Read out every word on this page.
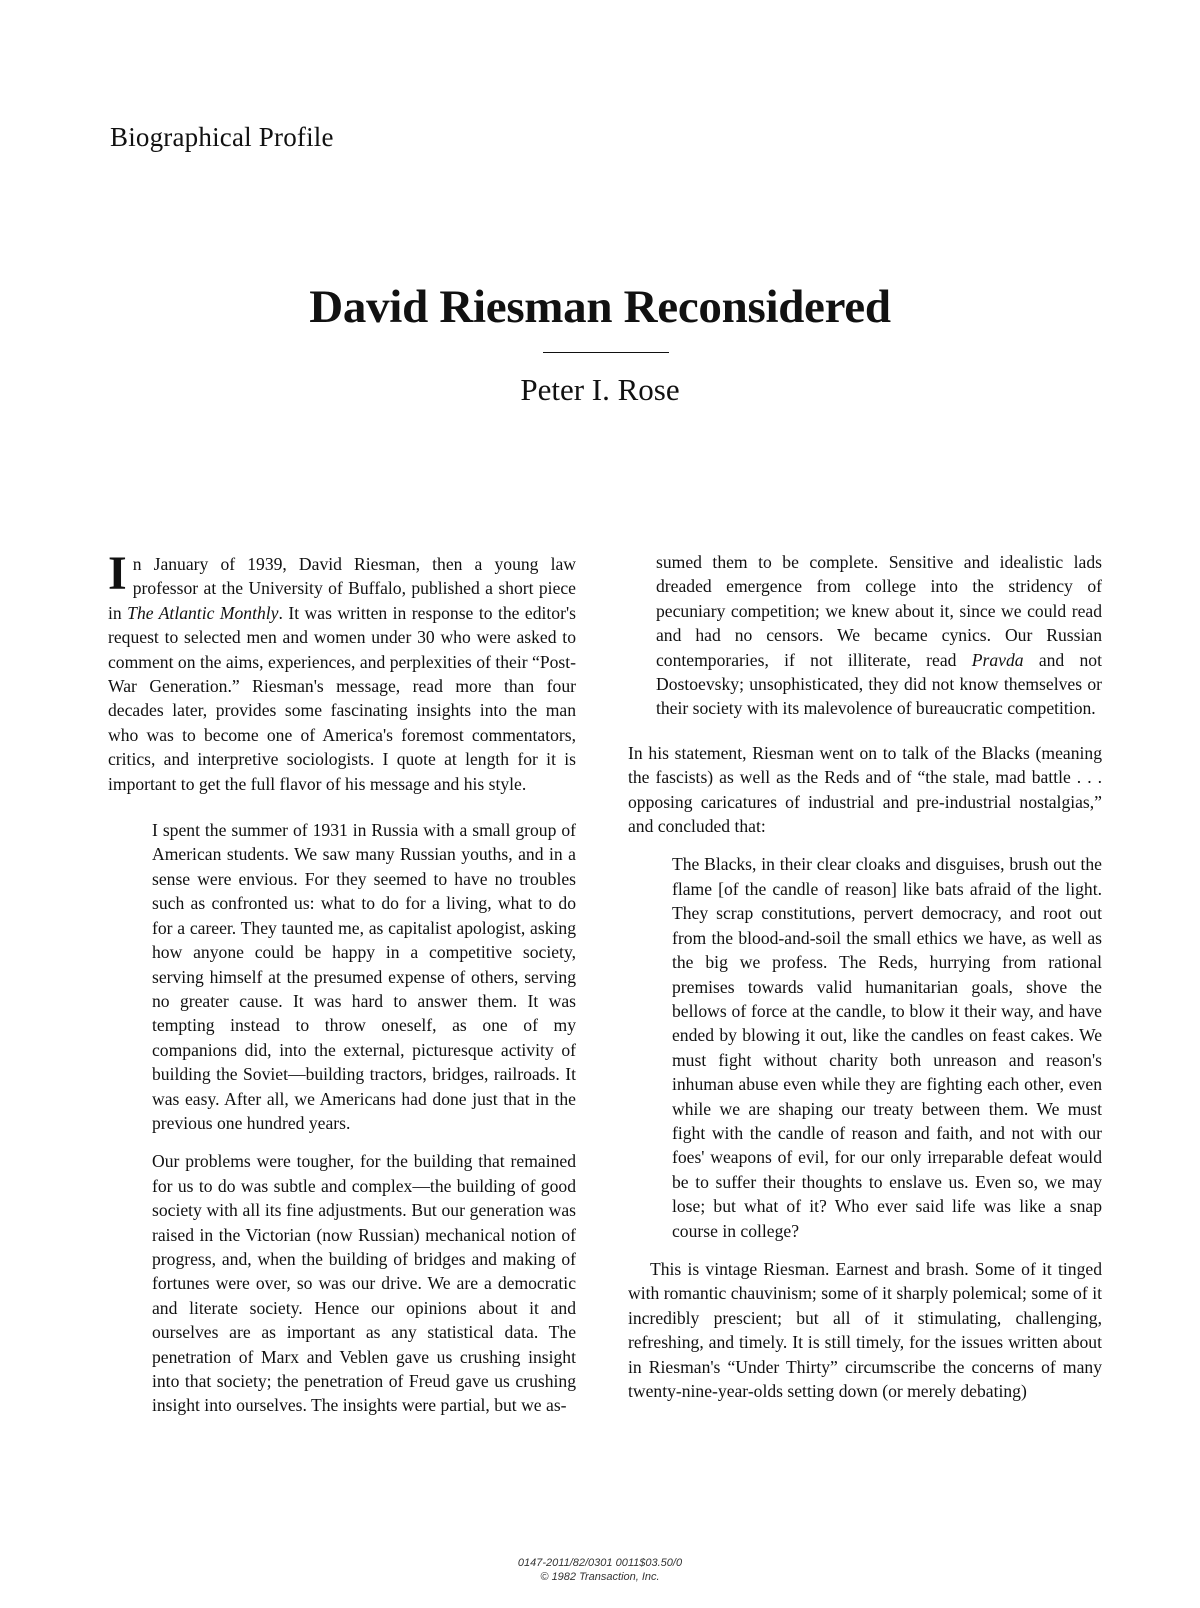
Biographical Profile
David Riesman Reconsidered
Peter I. Rose

In January of 1939, David Riesman, then a young law professor at the University of Buffalo, published a short piece in The Atlantic Monthly. It was written in response to the editor's request to selected men and women under 30 who were asked to comment on the aims, experiences, and perplexities of their “Post-War Generation.” Riesman's message, read more than four decades later, provides some fascinating insights into the man who was to become one of America's foremost commentators, critics, and interpretive sociologists. I quote at length for it is important to get the full flavor of his message and his style.

I spent the summer of 1931 in Russia with a small group of American students. We saw many Russian youths, and in a sense were envious. For they seemed to have no troubles such as confronted us: what to do for a living, what to do for a career. They taunted me, as capitalist apologist, asking how anyone could be happy in a competitive society, serving himself at the presumed expense of others, serving no greater cause. It was hard to answer them. It was tempting instead to throw oneself, as one of my companions did, into the external, picturesque activity of building the Soviet—building tractors, bridges, railroads. It was easy. After all, we Americans had done just that in the previous one hundred years.

Our problems were tougher, for the building that remained for us to do was subtle and complex—the building of good society with all its fine adjustments. But our generation was raised in the Victorian (now Russian) mechanical notion of progress, and, when the building of bridges and making of fortunes were over, so was our drive. We are a democratic and literate society. Hence our opinions about it and ourselves are as important as any statistical data. The penetration of Marx and Veblen gave us crushing insight into that society; the penetration of Freud gave us crushing insight into ourselves. The insights were partial, but we as-

sumed them to be complete. Sensitive and idealistic lads dreaded emergence from college into the stridency of pecuniary competition; we knew about it, since we could read and had no censors. We became cynics. Our Russian contemporaries, if not illiterate, read Pravda and not Dostoevsky; unsophisticated, they did not know themselves or their society with its malevolence of bureaucratic competition.

In his statement, Riesman went on to talk of the Blacks (meaning the fascists) as well as the Reds and of “the stale, mad battle . . . opposing caricatures of industrial and pre-industrial nostalgias,” and concluded that:

The Blacks, in their clear cloaks and disguises, brush out the flame [of the candle of reason] like bats afraid of the light. They scrap constitutions, pervert democracy, and root out from the blood-and-soil the small ethics we have, as well as the big we profess. The Reds, hurrying from rational premises towards valid humanitarian goals, shove the bellows of force at the candle, to blow it their way, and have ended by blowing it out, like the candles on feast cakes. We must fight without charity both unreason and reason's inhuman abuse even while they are fighting each other, even while we are shaping our treaty between them. We must fight with the candle of reason and faith, and not with our foes' weapons of evil, for our only irreparable defeat would be to suffer their thoughts to enslave us. Even so, we may lose; but what of it? Who ever said life was like a snap course in college?

This is vintage Riesman. Earnest and brash. Some of it tinged with romantic chauvinism; some of it sharply polemical; some of it incredibly prescient; but all of it stimulating, challenging, refreshing, and timely. It is still timely, for the issues written about in Riesman's “Under Thirty” circumscribe the concerns of many twenty-nine-year-olds setting down (or merely debating)

0147-2011/82/0301 0011$03.50/0
© 1982 Transaction, Inc.
